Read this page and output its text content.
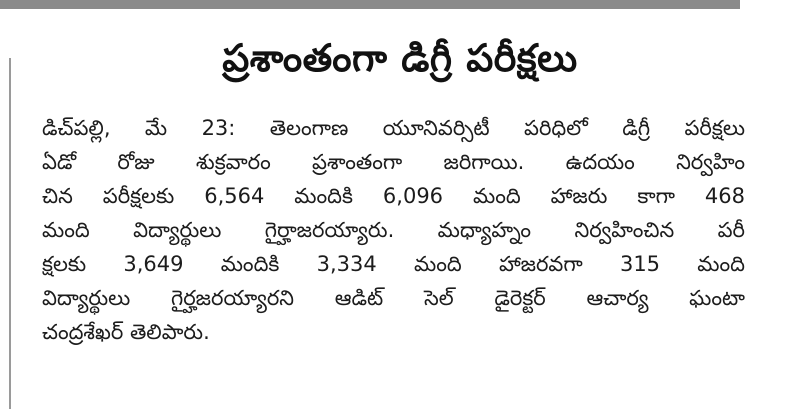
ప్రశాంతంగా డిగ్రీ పరీక్షలు
డిచ్‌పల్లి, మే 23: తెలంగాణ యూనివర్సిటీ పరిధిలో డిగ్రీ పరీక్షలు
ఏడో రోజు శుక్రవారం ప్రశాంతంగా జరిగాయి. ఉదయం నిర్వహిం
చిన పరీక్షలకు 6,564 మందికి 6,096 మంది హాజరు కాగా 468
మంది విద్యార్థులు గైర్హాజరయ్యారు. మధ్యాహ్నం నిర్వహించిన పరీ
క్షలకు 3,649 మందికి 3,334 మంది హాజరవగా 315 మంది
విద్యార్థులు గైర్హజరయ్యారని ఆడిట్ సెల్ డైరెక్టర్ ఆచార్య ఘంటా
చంద్రశేఖర్ తెలిపారు.
